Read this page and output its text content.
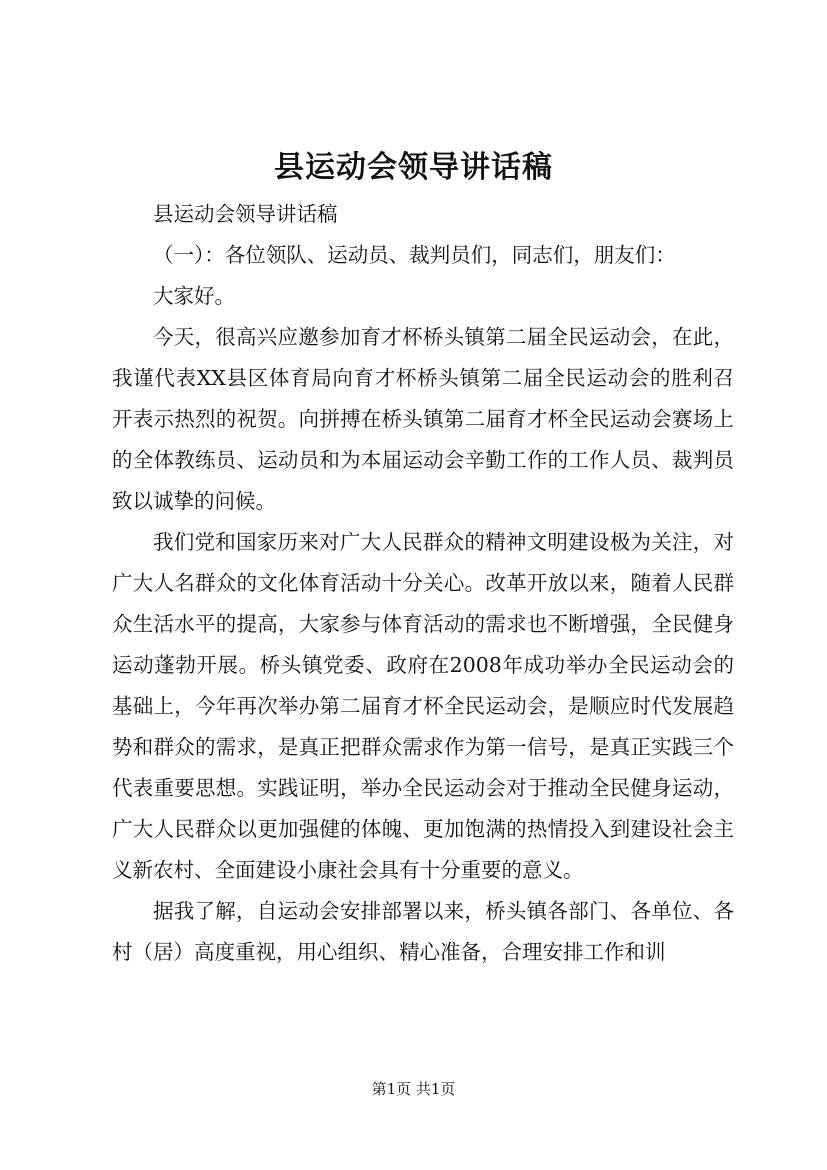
县运动会领导讲话稿

县运动会领导讲话稿

（一）：各位领队、运动员、裁判员们，同志们，朋友们：

大家好。

今天，很高兴应邀参加育才杯桥头镇第二届全民运动会，在此，我谨代表XX县区体育局向育才杯桥头镇第二届全民运动会的胜利召开表示热烈的祝贺。向拼搏在桥头镇第二届育才杯全民运动会赛场上的全体教练员、运动员和为本届运动会辛勤工作的工作人员、裁判员致以诚挚的问候。

我们党和国家历来对广大人民群众的精神文明建设极为关注，对广大人名群众的文化体育活动十分关心。改革开放以来，随着人民群众生活水平的提高，大家参与体育活动的需求也不断增强，全民健身运动蓬勃开展。桥头镇党委、政府在2008年成功举办全民运动会的基础上，今年再次举办第二届育才杯全民运动会，是顺应时代发展趋势和群众的需求，是真正把群众需求作为第一信号，是真正实践三个代表重要思想。实践证明，举办全民运动会对于推动全民健身运动，广大人民群众以更加强健的体魄、更加饱满的热情投入到建设社会主义新农村、全面建设小康社会具有十分重要的意义。

据我了解，自运动会安排部署以来，桥头镇各部门、各单位、各村（居）高度重视，用心组织、精心准备，合理安排工作和训

第1页 共1页
